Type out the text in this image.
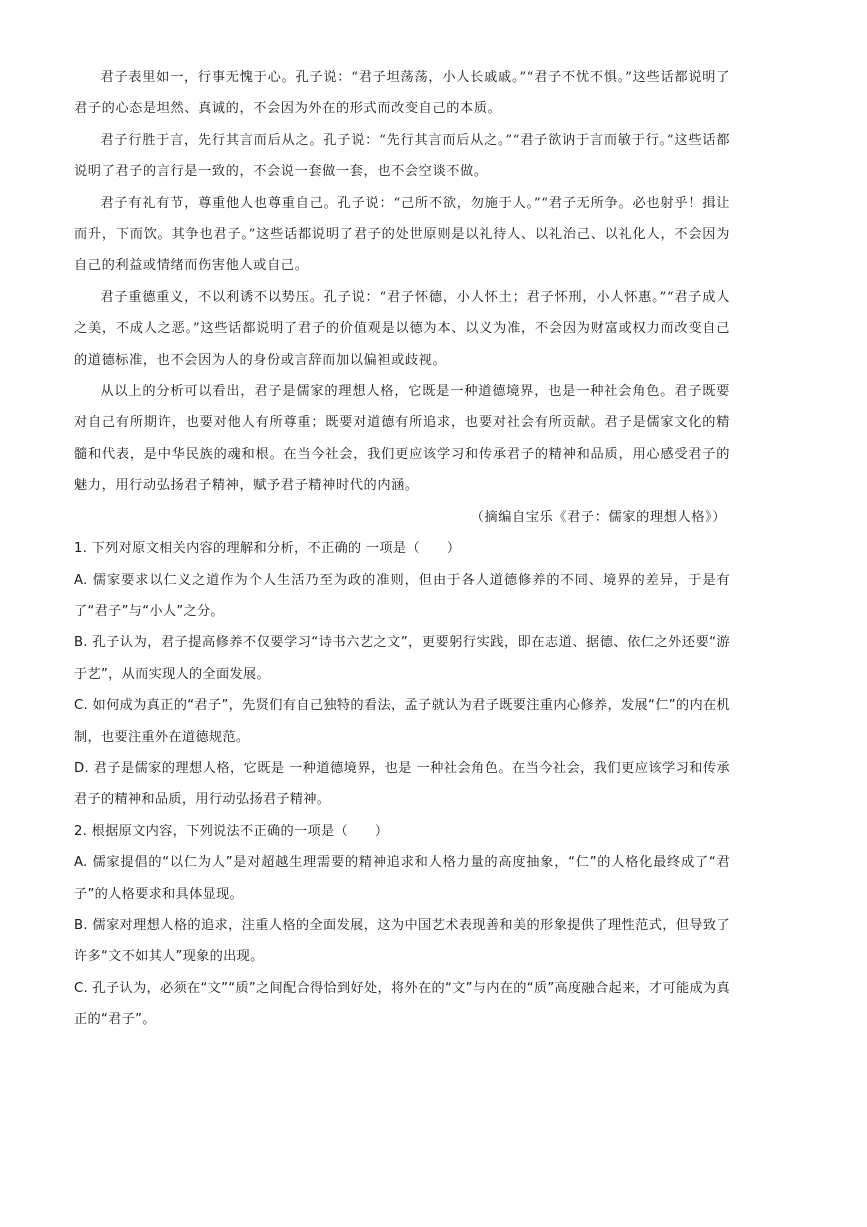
君子表里如一，行事无愧于心。孔子说：“君子坦荡荡，小人长戚戚。”“君子不忧不惧。”这些话都说明了君子的心态是坦然、真诚的，不会因为外在的形式而改变自己的本质。

君子行胜于言，先行其言而后从之。孔子说：“先行其言而后从之。”“君子欲讷于言而敏于行。”这些话都说明了君子的言行是一致的，不会说一套做一套，也不会空谈不做。

君子有礼有节，尊重他人也尊重自己。孔子说：“己所不欲，勿施于人。”“君子无所争。必也射乎！揖让而升，下而饮。其争也君子。”这些话都说明了君子的处世原则是以礼待人、以礼治己、以礼化人，不会因为自己的利益或情绪而伤害他人或自己。

君子重德重义，不以利诱不以势压。孔子说：“君子怀德，小人怀土；君子怀刑，小人怀惠。”“君子成人之美，不成人之恶。”这些话都说明了君子的价值观是以德为本、以义为准，不会因为财富或权力而改变自己的道德标准，也不会因为人的身份或言辞而加以偏袒或歧视。

从以上的分析可以看出，君子是儒家的理想人格，它既是一种道德境界，也是一种社会角色。君子既要对自己有所期许，也要对他人有所尊重；既要对道德有所追求，也要对社会有所贡献。君子是儒家文化的精髓和代表，是中华民族的魂和根。在当今社会，我们更应该学习和传承君子的精神和品质，用心感受君子的魅力，用行动弘扬君子精神，赋予君子精神时代的内涵。

（摘编自宝乐《君子：儒家的理想人格》）

1. 下列对原文相关内容的理解和分析，不正确的 一项是（　　）

A. 儒家要求以仁义之道作为个人生活乃至为政的准则，但由于各人道德修养的不同、境界的差异，于是有了“君子”与“小人”之分。

B. 孔子认为，君子提高修养不仅要学习“诗书六艺之文”，更要躬行实践，即在志道、据德、依仁之外还要“游于艺”，从而实现人的全面发展。

C. 如何成为真正的“君子”，先贤们有自己独特的看法，孟子就认为君子既要注重内心修养，发展“仁”的内在机制，也要注重外在道德规范。

D. 君子是儒家的理想人格，它既是 一种道德境界，也是 一种社会角色。在当今社会，我们更应该学习和传承君子的精神和品质，用行动弘扬君子精神。

2. 根据原文内容，下列说法不正确的一项是（　　）

A. 儒家提倡的“以仁为人”是对超越生理需要的精神追求和人格力量的高度抽象，“仁”的人格化最终成了“君子”的人格要求和具体显现。

B. 儒家对理想人格的追求，注重人格的全面发展，这为中国艺术表现善和美的形象提供了理性范式，但导致了许多“文不如其人”现象的出现。

C. 孔子认为，必须在“文”“质”之间配合得恰到好处，将外在的“文”与内在的“质”高度融合起来，才可能成为真正的“君子”。
